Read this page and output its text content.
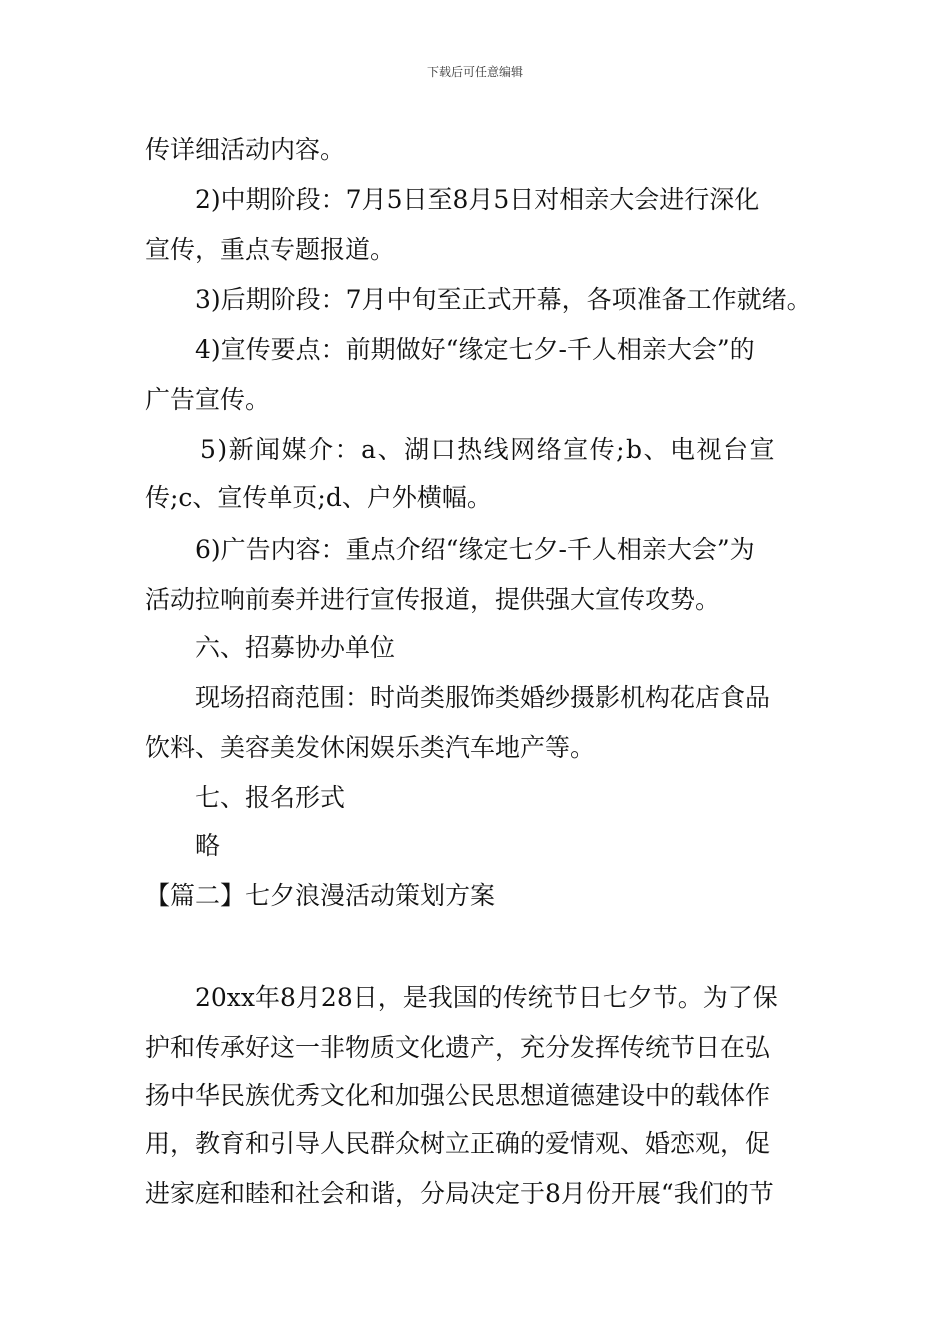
下载后可任意编辑
传详细活动内容。
2)中期阶段：7月5日至8月5日对相亲大会进行深化
宣传，重点专题报道。
3)后期阶段：7月中旬至正式开幕，各项准备工作就绪。
4)宣传要点：前期做好“缘定七夕-千人相亲大会”的
广告宣传。
5)新闻媒介：a、湖口热线网络宣传;b、电视台宣
传;c、宣传单页;d、户外横幅。
6)广告内容：重点介绍“缘定七夕-千人相亲大会”为
活动拉响前奏并进行宣传报道，提供强大宣传攻势。
六、招募协办单位
现场招商范围：时尚类服饰类婚纱摄影机构花店食品
饮料、美容美发休闲娱乐类汽车地产等。
七、报名形式
略
【篇二】七夕浪漫活动策划方案
20xx年8月28日，是我国的传统节日七夕节。为了保
护和传承好这一非物质文化遗产，充分发挥传统节日在弘
扬中华民族优秀文化和加强公民思想道德建设中的载体作
用，教育和引导人民群众树立正确的爱情观、婚恋观，促
进家庭和睦和社会和谐，分局决定于8月份开展“我们的节
